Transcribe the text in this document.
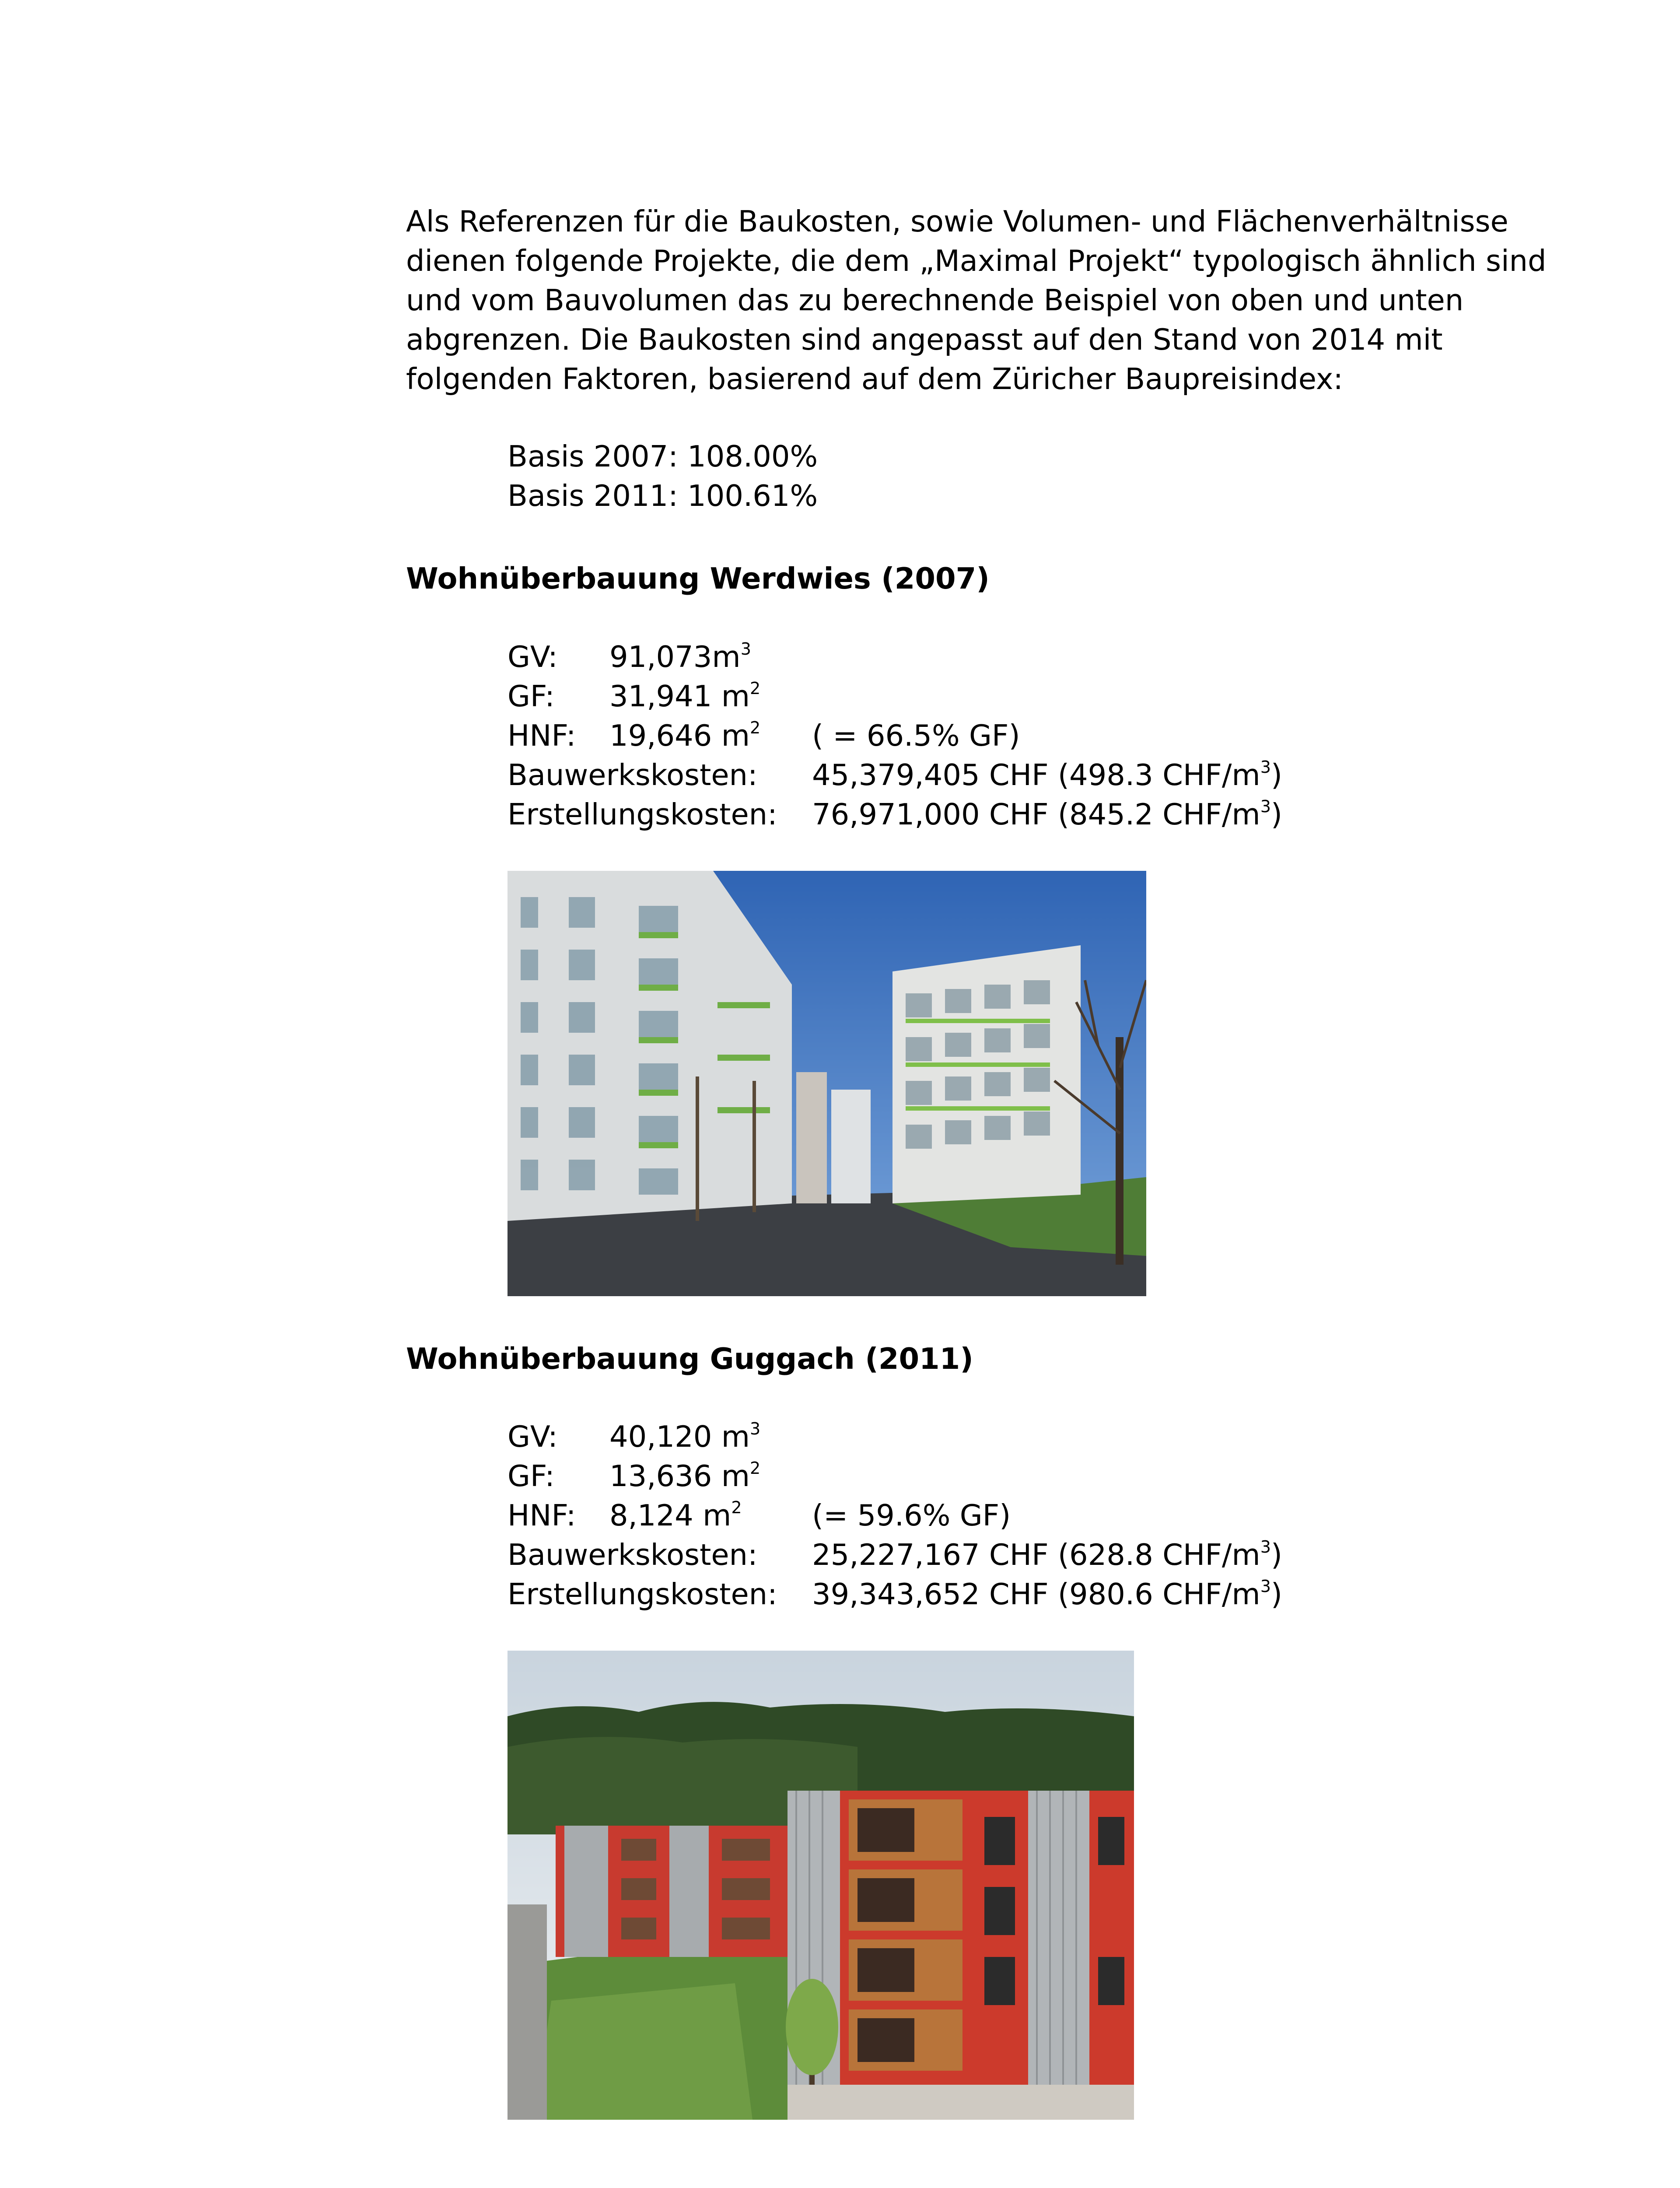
Als Referenzen für die Baukosten, sowie Volumen- und Flächenverhältnisse
dienen folgende Projekte, die dem „Maximal Projekt“ typologisch ähnlich sind
und vom Bauvolumen das zu berechnende Beispiel von oben und unten
abgrenzen. Die Baukosten sind angepasst auf den Stand von 2014 mit
folgenden Faktoren, basierend auf dem Züricher Baupreisindex:
Basis 2007: 108.00%
Basis 2011: 100.61%
Wohnüberbauung Werdwies (2007)
GV: $91,073m^3$
GF: 31,941 $m^2$
HNF: 19,646 $m^2$ ( = 66.5% GF)
Bauwerkskosten: 45,379,405 CHF (498.3 CHF/$m^3$)
Erstellungskosten: 76,971,000 CHF (845.2 CHF/$m^3$)
Wohnüberbauung Guggach (2011)
GV: 40,120 $m^3$
GF: 13,636 $m^2$
HNF: 8,124 $m^2$ (= 59.6% GF)
Bauwerkskosten: 25,227,167 CHF (628.8 CHF/$m^3$)
Erstellungskosten: 39,343,652 CHF (980.6 CHF/$m^3$)
